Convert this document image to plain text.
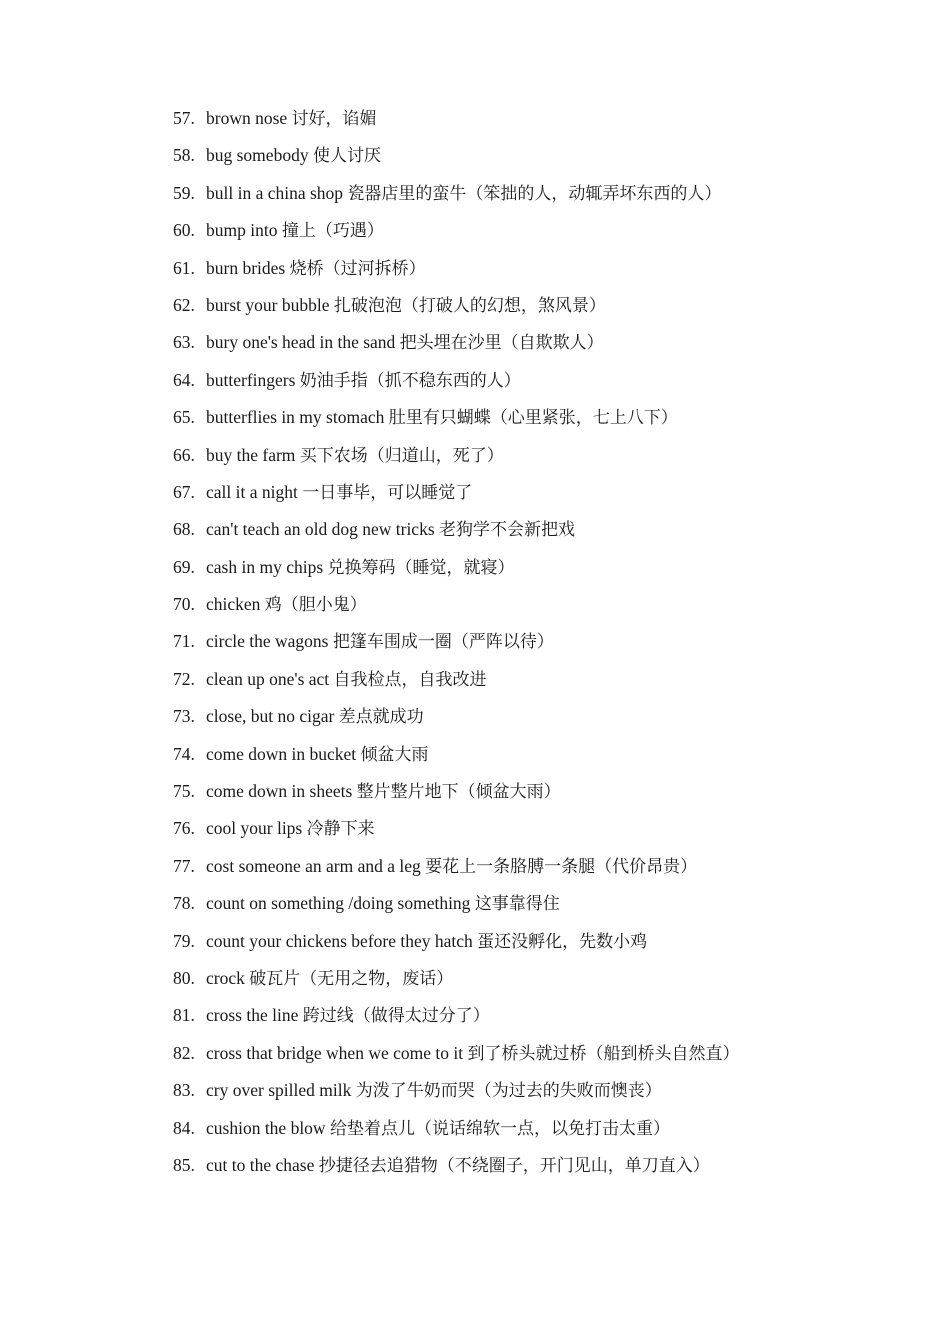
57. brown nose 讨好，谄媚
58. bug somebody 使人讨厌
59. bull in a china shop 瓷器店里的蛮牛（笨拙的人，动辄弄坏东西的人）
60. bump into 撞上（巧遇）
61. burn brides 烧桥（过河拆桥）
62. burst your bubble 扎破泡泡（打破人的幻想，煞风景）
63. bury one's head in the sand 把头埋在沙里（自欺欺人）
64. butterfingers 奶油手指（抓不稳东西的人）
65. butterflies in my stomach 肚里有只蝴蝶（心里紧张，七上八下）
66. buy the farm 买下农场（归道山，死了）
67. call it a night 一日事毕，可以睡觉了
68. can't teach an old dog new tricks 老狗学不会新把戏
69. cash in my chips 兑换筹码（睡觉，就寝）
70. chicken 鸡（胆小鬼）
71. circle the wagons 把篷车围成一圈（严阵以待）
72. clean up one's act 自我检点，自我改进
73. close, but no cigar 差点就成功
74. come down in bucket 倾盆大雨
75. come down in sheets 整片整片地下（倾盆大雨）
76. cool your lips 冷静下来
77. cost someone an arm and a leg 要花上一条胳膊一条腿（代价昂贵）
78. count on something /doing something 这事靠得住
79. count your chickens before they hatch 蛋还没孵化，先数小鸡
80. crock 破瓦片（无用之物，废话）
81. cross the line 跨过线（做得太过分了）
82. cross that bridge when we come to it 到了桥头就过桥（船到桥头自然直）
83. cry over spilled milk 为泼了牛奶而哭（为过去的失败而懊丧）
84. cushion the blow 给垫着点儿（说话绵软一点，以免打击太重）
85. cut to the chase 抄捷径去追猎物（不绕圈子，开门见山，单刀直入）
